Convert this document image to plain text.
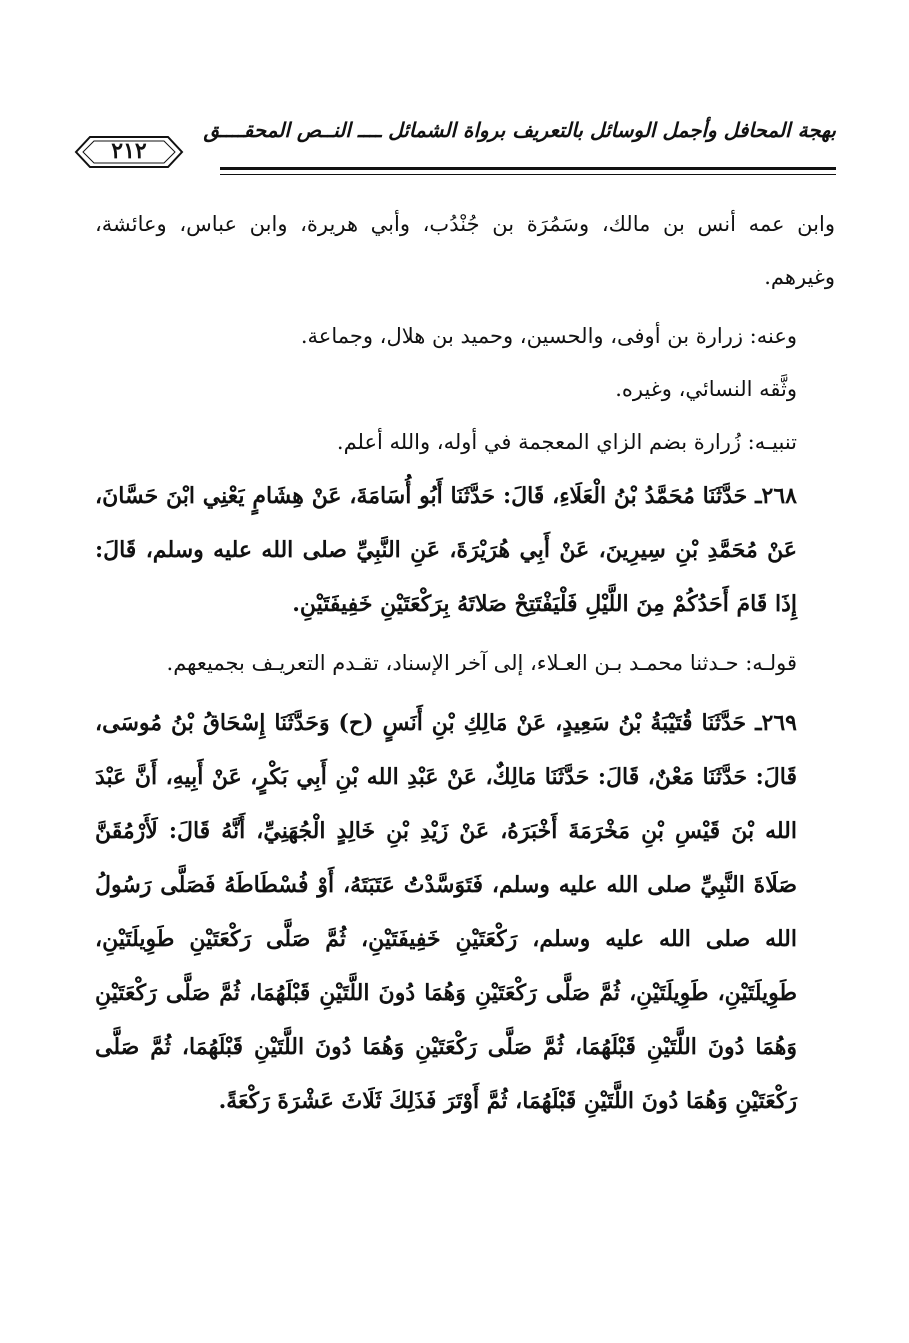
بهجة المحافل وأجمل الوسائل بالتعريف برواة الشمائل ــــ النــص المحقــــق
٢١٢

وابن عمه أنس بن مالك، وسَمُرَة بن جُنْدُب، وأبي هريرة، وابن عباس، وعائشة، وغيرهم.

وعنه: زرارة بن أوفى، والحسين، وحميد بن هلال، وجماعة.

وثَّقه النسائي، وغيره.

تنبيـه: زُرارة بضم الزاي المعجمة في أوله، والله أعلم.

٢٦٨ـ حَدَّثَنَا مُحَمَّدُ بْنُ الْعَلَاءِ، قَالَ: حَدَّثَنَا أَبُو أُسَامَةَ، عَنْ هِشَامٍ يَعْنِي ابْنَ حَسَّانَ، عَنْ مُحَمَّدِ بْنِ سِيرِينَ، عَنْ أَبِي هُرَيْرَةَ، عَنِ النَّبِيِّ صلى الله عليه وسلم، قَالَ: إِذَا قَامَ أَحَدُكُمْ مِنَ اللَّيْلِ فَلْيَفْتَتِحْ صَلاتَهُ بِرَكْعَتَيْنِ خَفِيفَتَيْنِ.

قولـه: حـدثنا محمـد بـن العـلاء، إلى آخر الإسناد، تقـدم التعريـف بجميعهم.

٢٦٩ـ حَدَّثَنَا قُتَيْبَةُ بْنُ سَعِيدٍ، عَنْ مَالِكِ بْنِ أَنَسٍ (ح) وَحَدَّثَنَا إِسْحَاقُ بْنُ مُوسَى، قَالَ: حَدَّثَنَا مَعْنٌ، قَالَ: حَدَّثَنَا مَالِكٌ، عَنْ عَبْدِ الله بْنِ أَبِي بَكْرٍ، عَنْ أَبِيهِ، أَنَّ عَبْدَ الله بْنَ قَيْسِ بْنِ مَخْرَمَةَ أَخْبَرَهُ، عَنْ زَيْدِ بْنِ خَالِدٍ الْجُهَنِيِّ، أَنَّهُ قَالَ: لَأَرْمُقَنَّ صَلَاةَ النَّبِيِّ صلى الله عليه وسلم، فَتَوَسَّدْتُ عَتَبَتَهُ، أَوْ فُسْطَاطَهُ فَصَلَّى رَسُولُ الله صلى الله عليه وسلم، رَكْعَتَيْنِ خَفِيفَتَيْنِ، ثُمَّ صَلَّى رَكْعَتَيْنِ طَوِيلَتَيْنِ، طَوِيلَتَيْنِ، طَوِيلَتَيْنِ، ثُمَّ صَلَّى رَكْعَتَيْنِ وَهُمَا دُونَ اللَّتَيْنِ قَبْلَهُمَا، ثُمَّ صَلَّى رَكْعَتَيْنِ وَهُمَا دُونَ اللَّتَيْنِ قَبْلَهُمَا، ثُمَّ صَلَّى رَكْعَتَيْنِ وَهُمَا دُونَ اللَّتَيْنِ قَبْلَهُمَا، ثُمَّ صَلَّى رَكْعَتَيْنِ وَهُمَا دُونَ اللَّتَيْنِ قَبْلَهُمَا، ثُمَّ أَوْتَرَ فَذَلِكَ ثَلَاثَ عَشْرَةَ رَكْعَةً.
